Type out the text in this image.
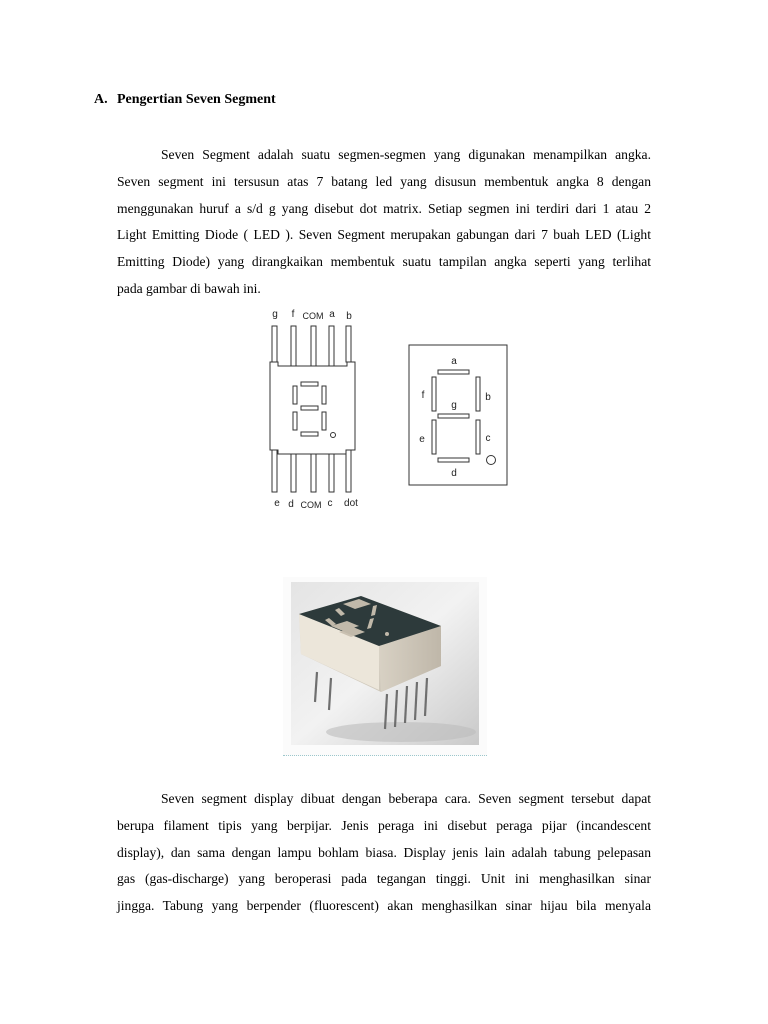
A. Pengertian Seven Segment
Seven Segment adalah suatu segmen-segmen yang digunakan menampilkan angka.
Seven segment ini tersusun atas 7 batang led yang disusun membentuk angka 8 dengan
menggunakan huruf a s/d g yang disebut dot matrix. Setiap segmen ini terdiri dari 1 atau 2
Light Emitting Diode ( LED ). Seven Segment merupakan gabungan dari 7 buah LED (Light
Emitting Diode) yang dirangkaikan membentuk suatu tampilan angka seperti yang terlihat
pada gambar di bawah ini.
g f COM a b
e d COM c dot
a
b
c
d
e
f
g
Seven segment display dibuat dengan beberapa cara. Seven segment tersebut dapat
berupa filament tipis yang berpijar. Jenis peraga ini disebut peraga pijar (incandescent
display), dan sama dengan lampu bohlam biasa. Display jenis lain adalah tabung pelepasan
gas (gas-discharge) yang beroperasi pada tegangan tinggi. Unit ini menghasilkan sinar
jingga. Tabung yang berpender (fluorescent) akan menghasilkan sinar hijau bila menyala
